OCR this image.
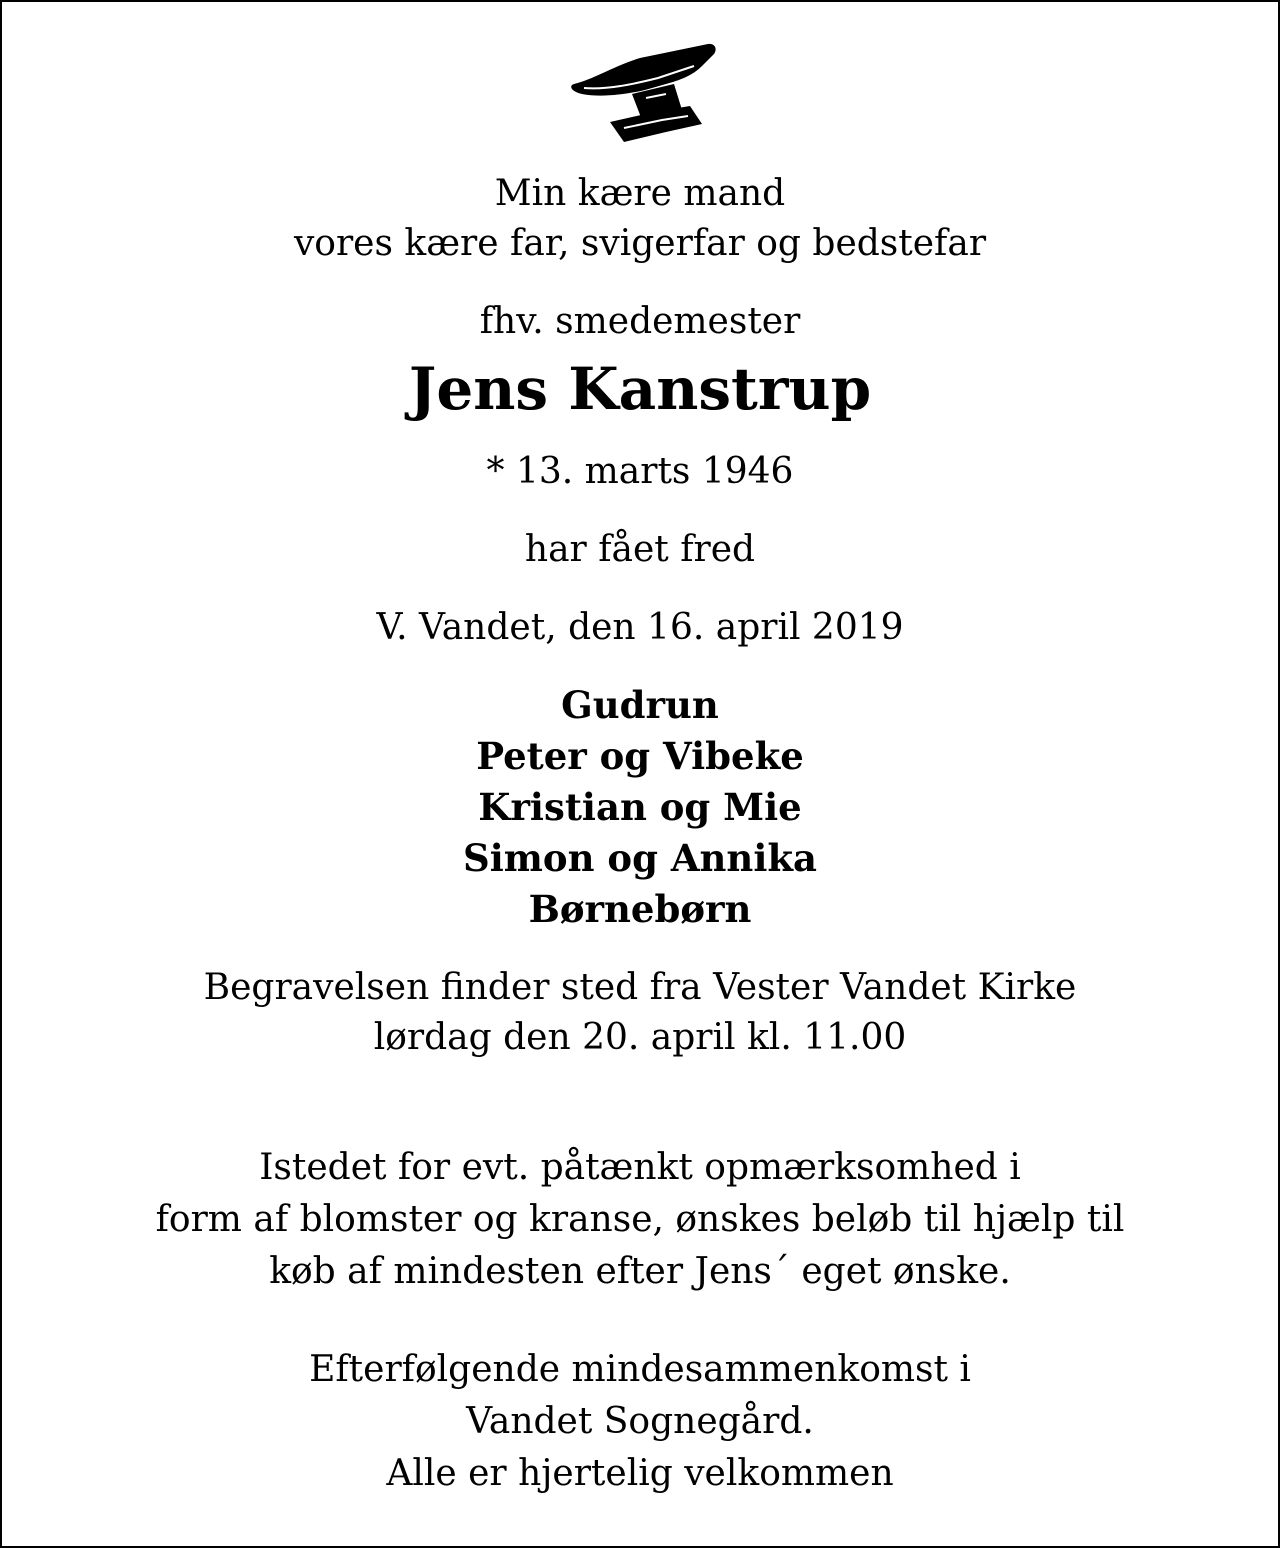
Min kære mand
vores kære far, svigerfar og bedstefar
fhv. smedemester
Jens Kanstrup
* 13. marts 1946
har fået fred
V. Vandet, den 16. april 2019
Gudrun
Peter og Vibeke
Kristian og Mie
Simon og Annika
Børnebørn
Begravelsen finder sted fra Vester Vandet Kirke
lørdag den 20. april kl. 11.00
Istedet for evt. påtænkt opmærksomhed i
form af blomster og kranse, ønskes beløb til hjælp til
køb af mindesten efter Jens´ eget ønske.
Efterfølgende mindesammenkomst i
Vandet Sognegård.
Alle er hjertelig velkommen
